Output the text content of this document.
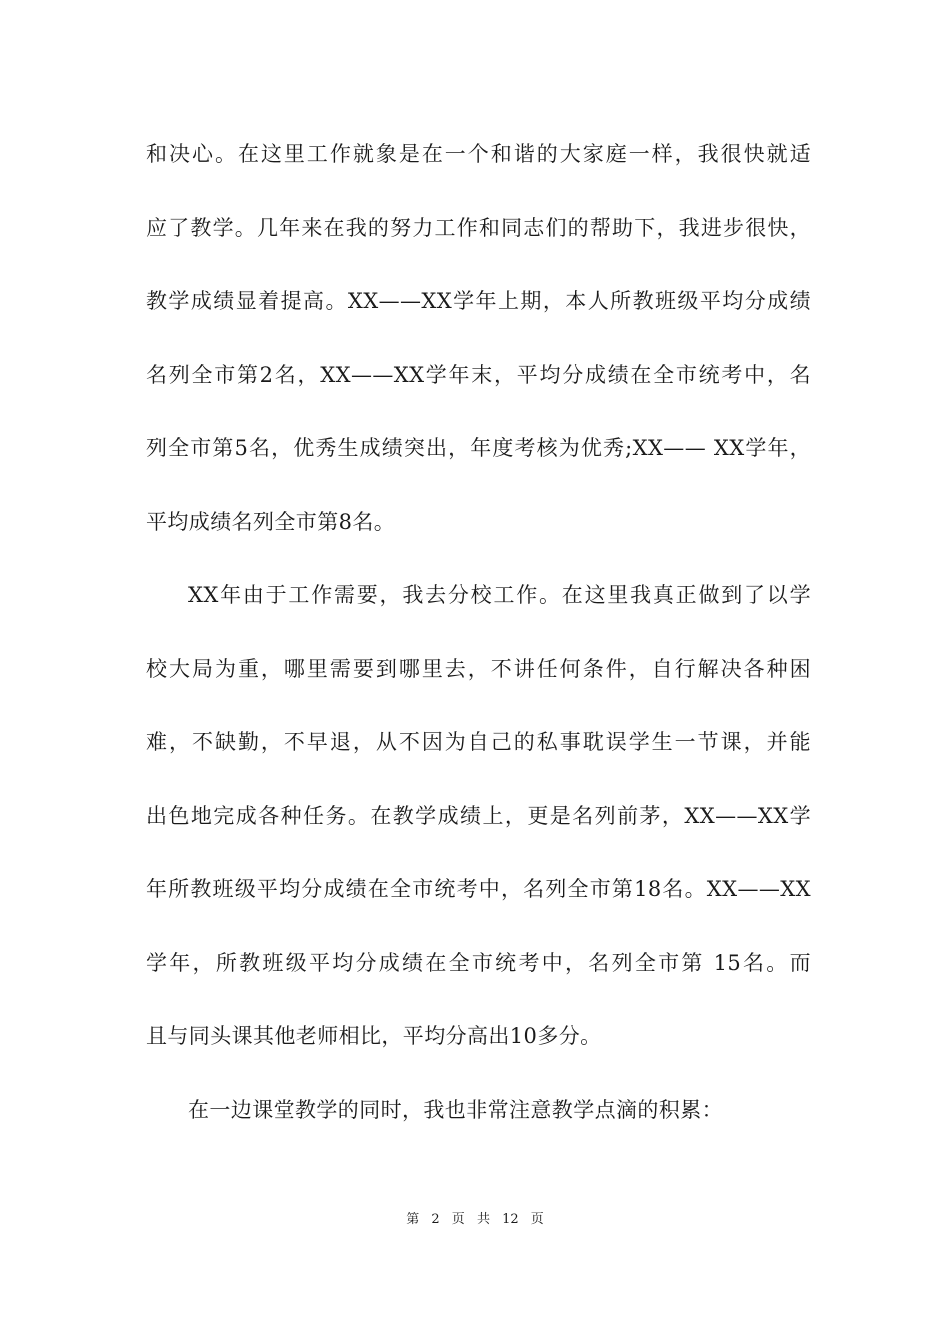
和决心。在这里工作就象是在一个和谐的大家庭一样，我很快就适
应了教学。几年来在我的努力工作和同志们的帮助下，我进步很快，
教学成绩显着提高。XX——XX学年上期，本人所教班级平均分成绩
名列全市第2名，XX——XX学年末，平均分成绩在全市统考中，名
列全市第5名，优秀生成绩突出，年度考核为优秀;XX—— XX学年，
平均成绩名列全市第8名。
XX年由于工作需要，我去分校工作。在这里我真正做到了以学
校大局为重，哪里需要到哪里去，不讲任何条件，自行解决各种困
难，不缺勤，不早退，从不因为自己的私事耽误学生一节课，并能
出色地完成各种任务。在教学成绩上，更是名列前茅，XX——XX学
年所教班级平均分成绩在全市统考中，名列全市第18名。XX——XX
学年，所教班级平均分成绩在全市统考中，名列全市第 15名。而
且与同头课其他老师相比，平均分高出10多分。
在一边课堂教学的同时，我也非常注意教学点滴的积累：
第 2 页 共 12 页
